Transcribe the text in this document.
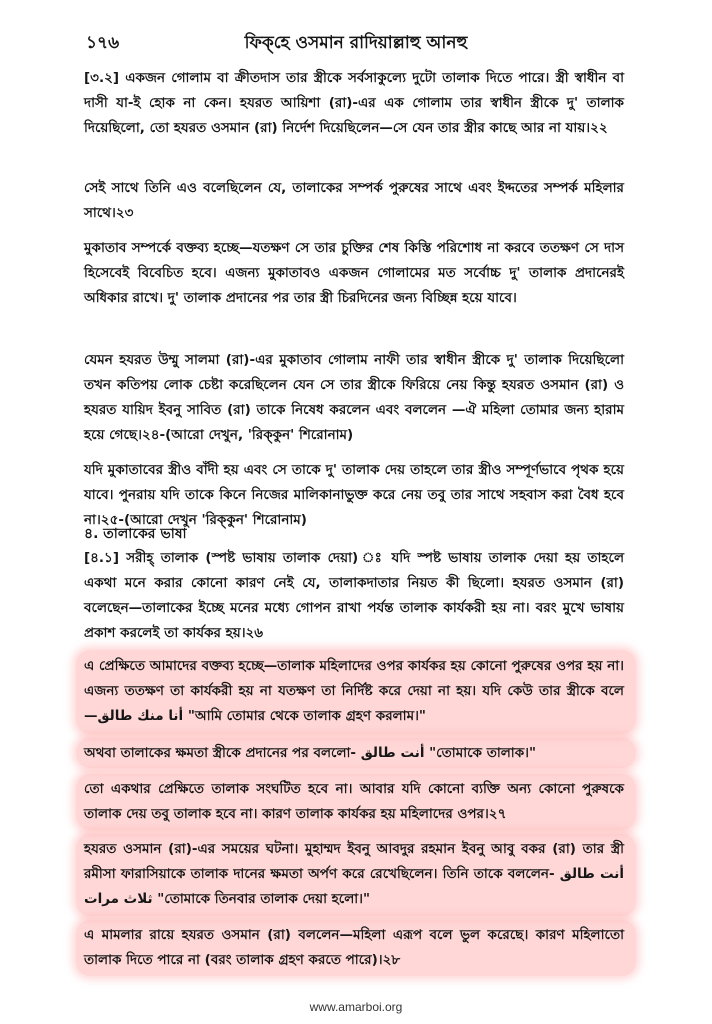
১৭৬	ফিক্‌হে ওসমান রাদিয়াল্লাহু আনহু

[৩.২] একজন গোলাম বা ক্রীতদাস তার স্ত্রীকে সর্বসাকুল্যে দুটো তালাক দিতে পারে। স্ত্রী স্বাধীন বা দাসী যা-ই হোক না কেন। হযরত আয়িশা (রা)-এর এক গোলাম তার স্বাধীন স্ত্রীকে দু' তালাক দিয়েছিলো, তো হযরত ওসমান (রা) নির্দেশ দিয়েছিলেন—সে যেন তার স্ত্রীর কাছে আর না যায়।২২

সেই সাথে তিনি এও বলেছিলেন যে, তালাকের সম্পর্ক পুরুষের সাথে এবং ইদ্দতের সম্পর্ক মহিলার সাথে।২৩

মুকাতাব সম্পর্কে বক্তব্য হচ্ছে—যতক্ষণ সে তার চুক্তির শেষ কিস্তি পরিশোধ না করবে ততক্ষণ সে দাস হিসেবেই বিবেচিত হবে। এজন্য মুকাতাবও একজন গোলামের মত সর্বোচ্চ দু' তালাক প্রদানেরই অধিকার রাখে। দু' তালাক প্রদানের পর তার স্ত্রী চিরদিনের জন্য বিচ্ছিন্ন হয়ে যাবে।

যেমন হযরত উম্মু সালমা (রা)-এর মুকাতাব গোলাম নাফী তার স্বাধীন স্ত্রীকে দু' তালাক দিয়েছিলো তখন কতিপয় লোক চেষ্টা করেছিলেন যেন সে তার স্ত্রীকে ফিরিয়ে নেয় কিন্তু হযরত ওসমান (রা) ও হযরত যায়িদ ইবনু সাবিত (রা) তাকে নিষেধ করলেন এবং বললেন —ঐ মহিলা তোমার জন্য হারাম হয়ে গেছে।২৪-(আরো দেখুন, 'রিক্‌কুন' শিরোনাম)

যদি মুকাতাবের স্ত্রীও বাঁদী হয় এবং সে তাকে দু' তালাক দেয় তাহলে তার স্ত্রীও সম্পূর্ণভাবে পৃথক হয়ে যাবে। পুনরায় যদি তাকে কিনে নিজের মালিকানাভুক্ত করে নেয় তবু তার সাথে সহবাস করা বৈধ হবে না।২৫-(আরো দেখুন 'রিক্‌কুন' শিরোনাম)

৪. তালাকের ভাষা

[৪.১] সরীহ্‌ তালাক (স্পষ্ট ভাষায় তালাক দেয়া) ঃ যদি স্পষ্ট ভাষায় তালাক দেয়া হয় তাহলে একথা মনে করার কোনো কারণ নেই যে, তালাকদাতার নিয়ত কী ছিলো। হযরত ওসমান (রা) বলেছেন—তালাকের ইচ্ছে মনের মধ্যে গোপন রাখা পর্যন্ত তালাক কার্যকরী হয় না। বরং মুখে ভাষায় প্রকাশ করলেই তা কার্যকর হয়।২৬

এ প্রেক্ষিতে আমাদের বক্তব্য হচ্ছে—তালাক মহিলাদের ওপর কার্যকর হয় কোনো পুরুষের ওপর হয় না। এজন্য ততক্ষণ তা কার্যকরী হয় না যতক্ষণ তা নির্দিষ্ট করে দেয়া না হয়। যদি কেউ তার স্ত্রীকে বলে—أنا منك طالق "আমি তোমার থেকে তালাক গ্রহণ করলাম।"

অথবা তালাকের ক্ষমতা স্ত্রীকে প্রদানের পর বললো- أنت طالق "তোমাকে তালাক।"

তো একথার প্রেক্ষিতে তালাক সংঘটিত হবে না। আবার যদি কোনো ব্যক্তি অন্য কোনো পুরুষকে তালাক দেয় তবু তালাক হবে না। কারণ তালাক কার্যকর হয় মহিলাদের ওপর।২৭

হযরত ওসমান (রা)-এর সময়ের ঘটনা। মুহাম্মদ ইবনু আবদুর রহমান ইবনু আবু বকর (রা) তার স্ত্রী রমীসা ফারাসিয়াকে তালাক দানের ক্ষমতা অর্পণ করে রেখেছিলেন। তিনি তাকে বললেন- أنت طالق ثلاث مرات "তোমাকে তিনবার তালাক দেয়া হলো।"

এ মামলার রায়ে হযরত ওসমান (রা) বললেন—মহিলা এরূপ বলে ভুল করেছে। কারণ মহিলাতো তালাক দিতে পারে না (বরং তালাক গ্রহণ করতে পারে)।২৮

www.amarboi.org
